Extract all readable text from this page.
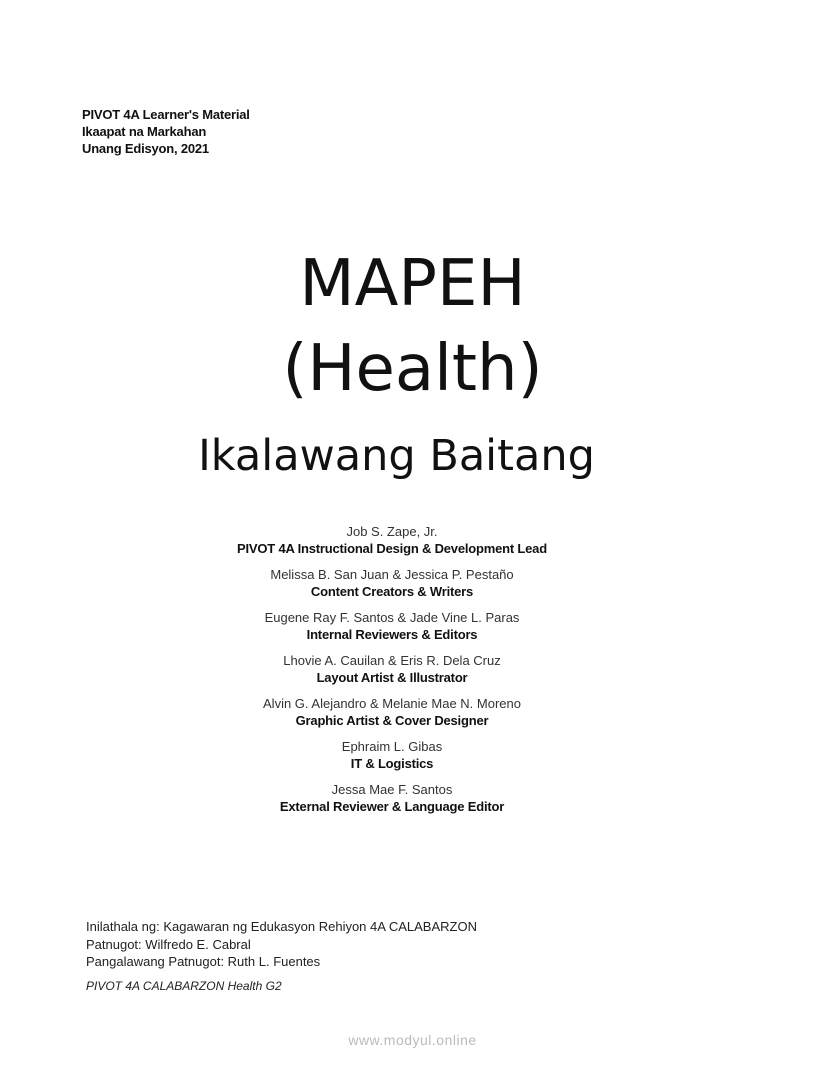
PIVOT 4A Learner's Material
Ikaapat na Markahan
Unang Edisyon, 2021
MAPEH
(Health)
Ikalawang Baitang
Job S. Zape, Jr.
PIVOT 4A Instructional Design & Development Lead
Melissa B. San Juan & Jessica P. Pestaño
Content Creators & Writers
Eugene Ray F. Santos & Jade Vine L. Paras
Internal Reviewers & Editors
Lhovie A. Cauilan & Eris R. Dela Cruz
Layout Artist & Illustrator
Alvin G. Alejandro & Melanie Mae N. Moreno
Graphic Artist & Cover Designer
Ephraim L. Gibas
IT & Logistics
Jessa Mae F. Santos
External Reviewer & Language Editor
Inilathala ng: Kagawaran ng Edukasyon Rehiyon 4A CALABARZON
Patnugot: Wilfredo E. Cabral
Pangalawang Patnugot: Ruth L. Fuentes
PIVOT 4A CALABARZON Health G2
www.modyul.online
